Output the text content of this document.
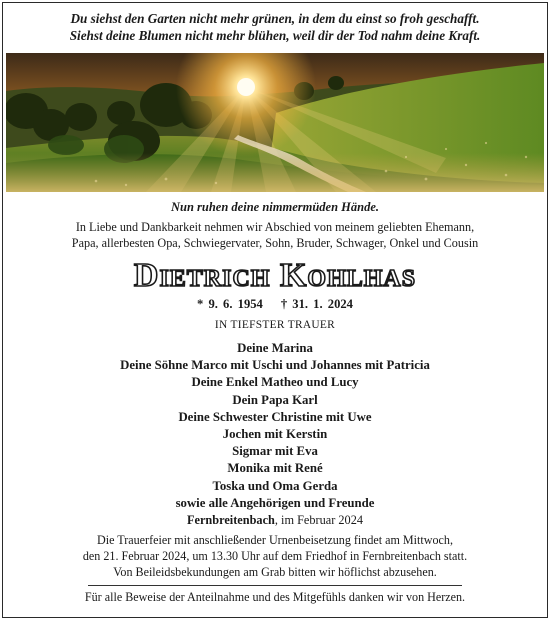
Du siehst den Garten nicht mehr grünen, in dem du einst so froh geschafft.
Siehst deine Blumen nicht mehr blühen, weil dir der Tod nahm deine Kraft.
Nun ruhen deine nimmermüden Hände.
In Liebe und Dankbarkeit nehmen wir Abschied von meinem geliebten Ehemann,
Papa, allerbesten Opa, Schwiegervater, Sohn, Bruder, Schwager, Onkel und Cousin
Dietrich Kohlhas
* 9. 6. 1954 † 31. 1. 2024
IN TIEFSTER TRAUER
Deine Marina
Deine Söhne Marco mit Uschi und Johannes mit Patricia
Deine Enkel Matheo und Lucy
Dein Papa Karl
Deine Schwester Christine mit Uwe
Jochen mit Kerstin
Sigmar mit Eva
Monika mit René
Toska und Oma Gerda
sowie alle Angehörigen und Freunde
Fernbreitenbach, im Februar 2024
Die Trauerfeier mit anschließender Urnenbeisetzung findet am Mittwoch,
den 21. Februar 2024, um 13.30 Uhr auf dem Friedhof in Fernbreitenbach statt.
Von Beileidsbekundungen am Grab bitten wir höflichst abzusehen.
Für alle Beweise der Anteilnahme und des Mitgefühls danken wir von Herzen.
